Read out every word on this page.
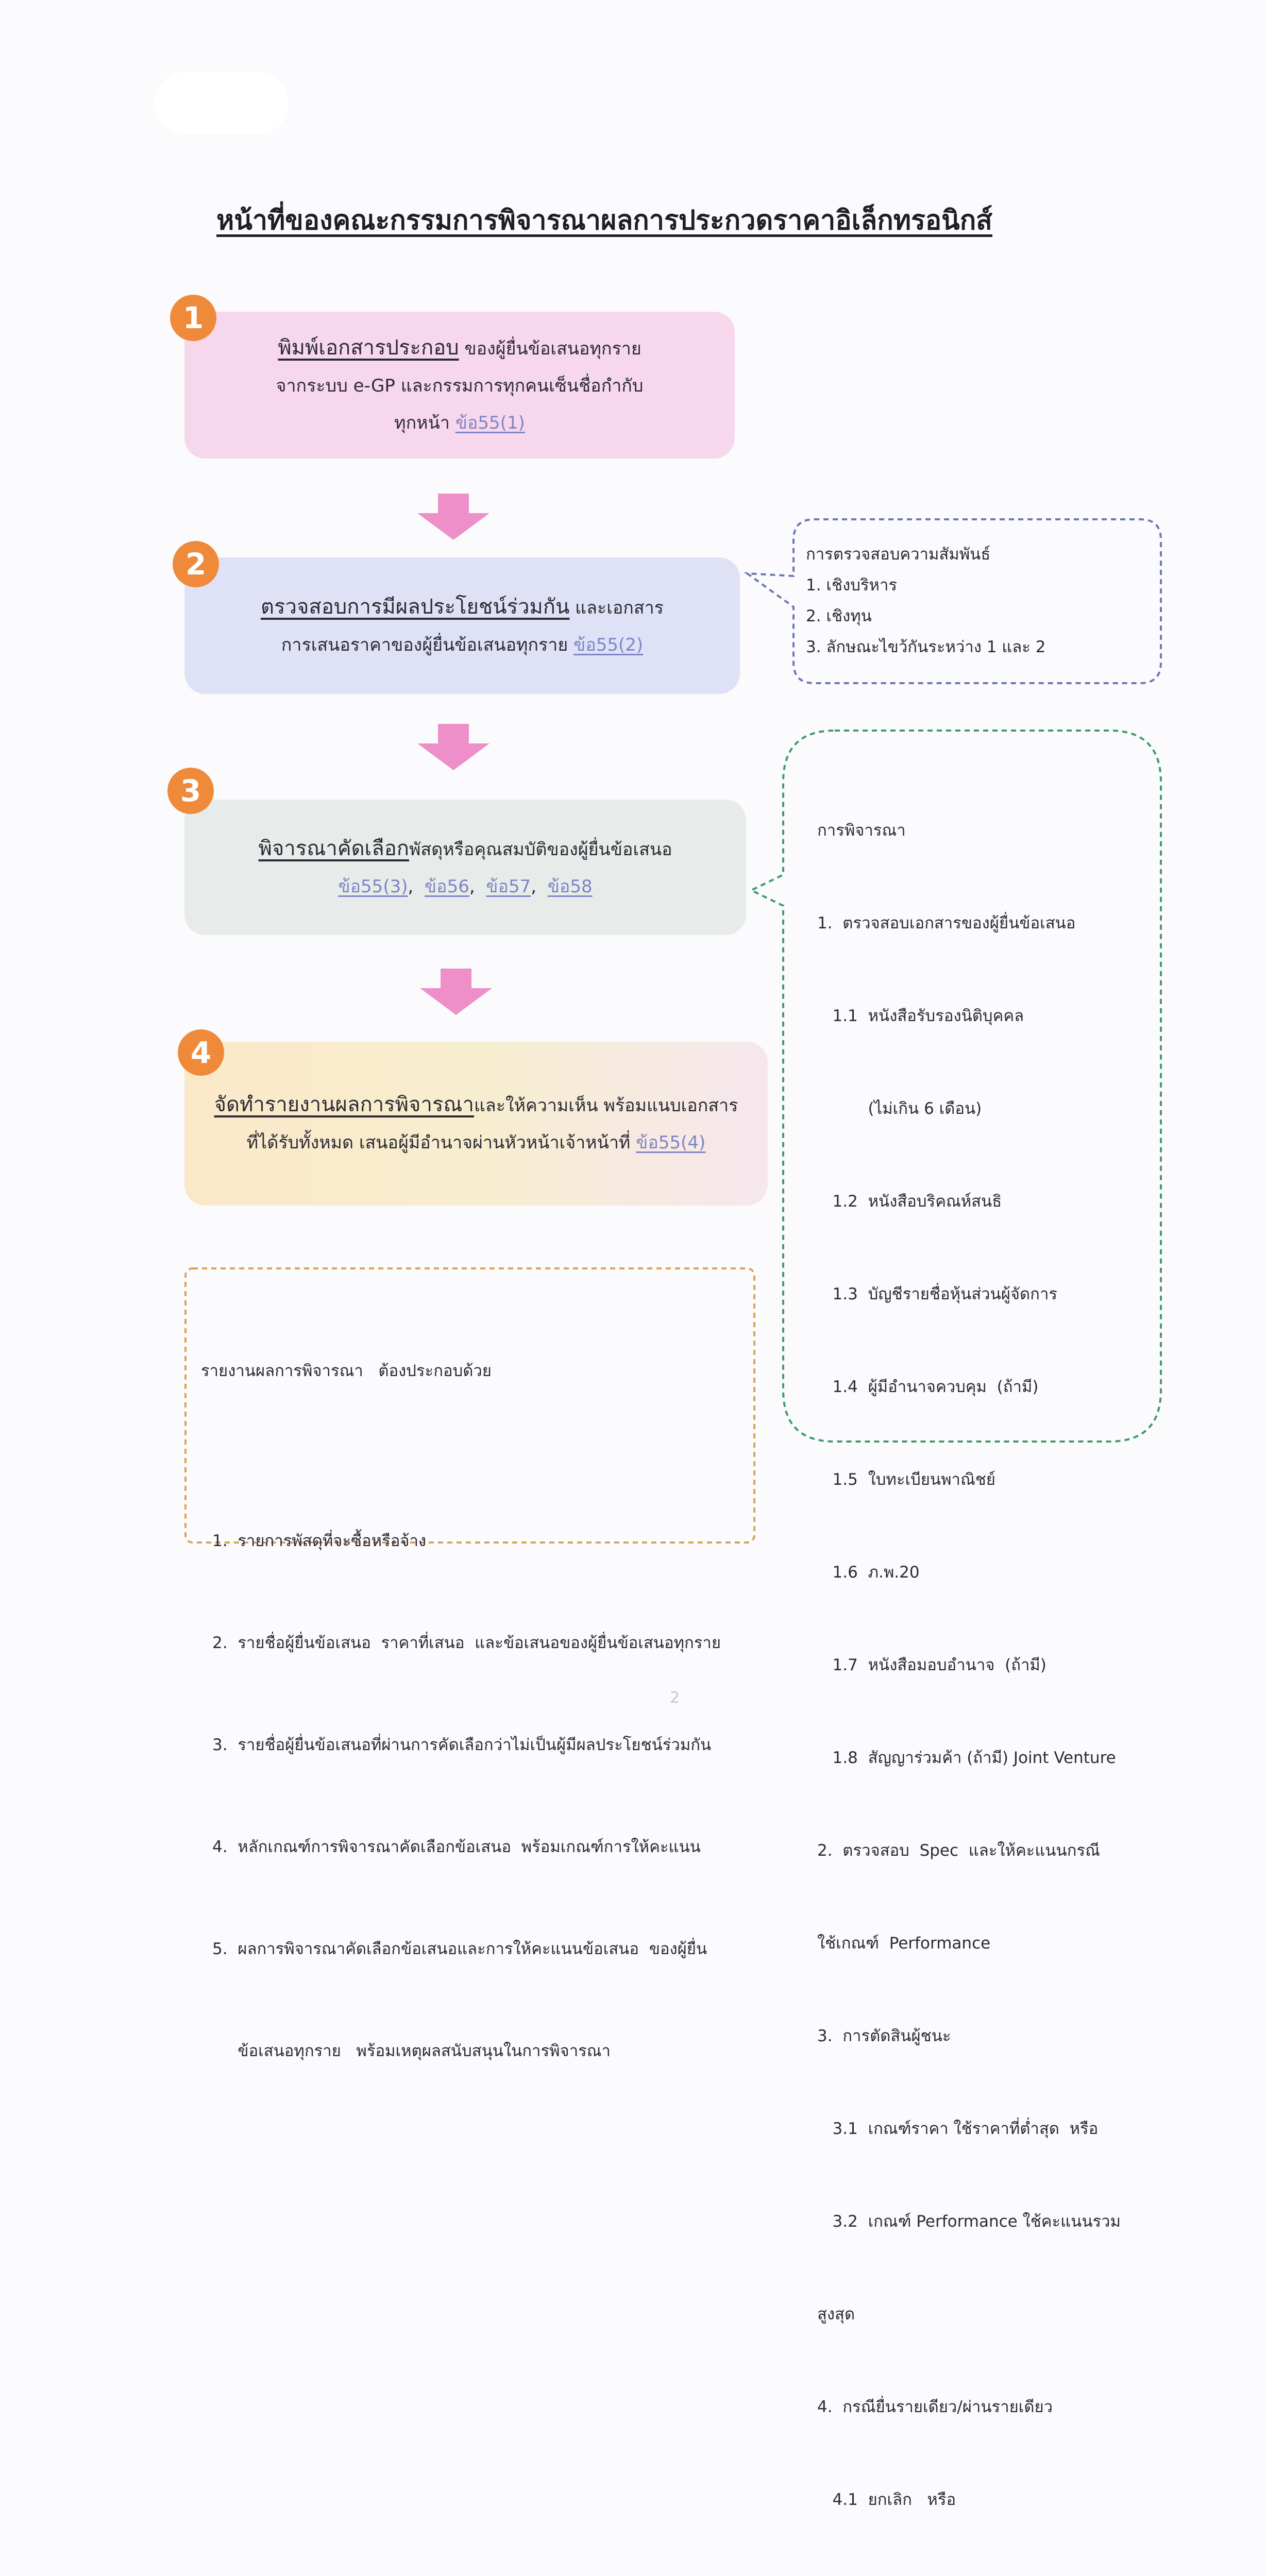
หน้าที่ของคณะกรรมการพิจารณาผลการประกวดราคาอิเล็กทรอนิกส์
พิมพ์เอกสารประกอบ ของผู้ยื่นข้อเสนอทุกราย
จากระบบ e-GP และกรรมการทุกคนเซ็นชื่อกำกับ
ทุกหน้า ข้อ55(1)
1
ตรวจสอบการมีผลประโยชน์ร่วมกัน และเอกสาร
การเสนอราคาของผู้ยื่นข้อเสนอทุกราย ข้อ55(2)
2
พิจารณาคัดเลือกพัสดุหรือคุณสมบัติของผู้ยื่นข้อเสนอ
ข้อ55(3),  ข้อ56,  ข้อ57,  ข้อ58
3
จัดทำรายงานผลการพิจารณาและให้ความเห็น พร้อมแนบเอกสาร
ที่ได้รับทั้งหมด เสนอผู้มีอำนาจผ่านหัวหน้าเจ้าหน้าที่ ข้อ55(4)
4
การตรวจสอบความสัมพันธ์
1. เชิงบริหาร
2. เชิงทุน
3. ลักษณะไขว้กันระหว่าง 1 และ 2

การพิจารณา

1.  ตรวจสอบเอกสารของผู้ยื่นข้อเสนอ

1.1  หนังสือรับรองนิติบุคคล

(ไม่เกิน 6 เดือน)

1.2  หนังสือบริคณห์สนธิ

1.3  บัญชีรายชื่อหุ้นส่วนผู้จัดการ

1.4  ผู้มีอำนาจควบคุม  (ถ้ามี)

1.5  ใบทะเบียนพาณิชย์

1.6  ภ.พ.20

1.7  หนังสือมอบอำนาจ  (ถ้ามี)

1.8  สัญญาร่วมค้า (ถ้ามี) Joint Venture

2.  ตรวจสอบ  Spec  และให้คะแนนกรณี

ใช้เกณฑ์  Performance

3.  การตัดสินผู้ชนะ

3.1  เกณฑ์ราคา ใช้ราคาที่ต่ำสุด  หรือ

3.2  เกณฑ์ Performance ใช้คะแนนรวม

สูงสุด

4.  กรณียื่นรายเดียว/ผ่านรายเดียว

4.1  ยกเลิก   หรือ

รายงานผลการพิจารณา   ต้องประกอบด้วย

1.  รายการพัสดุที่จะซื้อหรือจ้าง

2.  รายชื่อผู้ยื่นข้อเสนอ  ราคาที่เสนอ  และข้อเสนอของผู้ยื่นข้อเสนอทุกราย

3.  รายชื่อผู้ยื่นข้อเสนอที่ผ่านการคัดเลือกว่าไม่เป็นผู้มีผลประโยชน์ร่วมกัน

4.  หลักเกณฑ์การพิจารณาคัดเลือกข้อเสนอ  พร้อมเกณฑ์การให้คะแนน

5.  ผลการพิจารณาคัดเลือกข้อเสนอและการให้คะแนนข้อเสนอ  ของผู้ยื่น

ข้อเสนอทุกราย   พร้อมเหตุผลสนับสนุนในการพิจารณา

2
